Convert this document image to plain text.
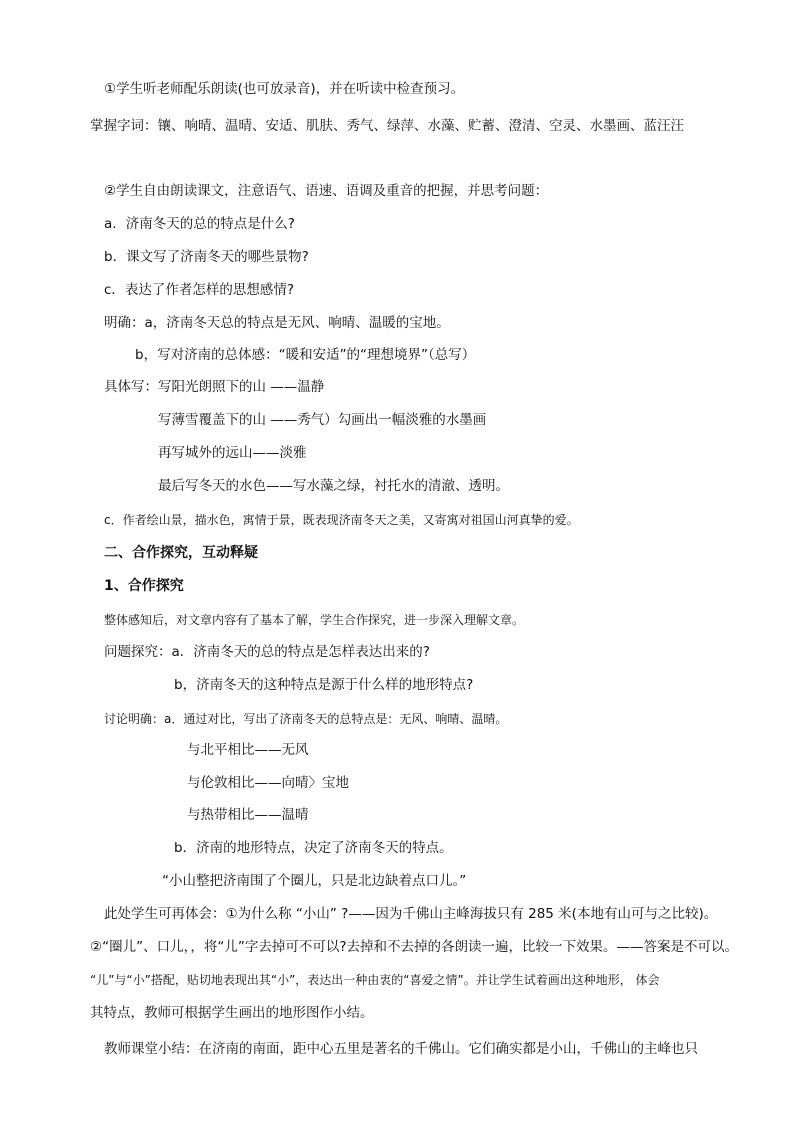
①学生听老师配乐朗读(也可放录音)，并在听读中检查预习。
掌握字词：镶、响晴、温晴、安适、肌肤、秀气、绿萍、水藻、贮蓄、澄清、空灵、水墨画、蓝汪汪
②学生自由朗读课文，注意语气、语速、语调及重音的把握，并思考问题：
a．济南冬天的总的特点是什么?
b．课文写了济南冬天的哪些景物?
c．表达了作者怎样的思想感情?
明确：a，济南冬天总的特点是无风、响晴、温暖的宝地。
b，写对济南的总体感：“暖和安适”的“理想境界”（总写）
具体写：写阳光朗照下的山 ——温静
写薄雪覆盖下的山 ——秀气）勾画出一幅淡雅的水墨画
再写城外的远山——淡雅
最后写冬天的水色——写水藻之绿，衬托水的清澈、透明。
c．作者绘山景，描水色，寓情于景，既表现济南冬天之美，又寄寓对祖国山河真挚的爱。
二、合作探究，互动释疑
1、合作探究
整体感知后，对文章内容有了基本了解，学生合作探究，进一步深入理解文章。
问题探究：a．济南冬天的总的特点是怎样表达出来的?
b，济南冬天的这种特点是源于什么样的地形特点?
讨论明确：a．通过对比，写出了济南冬天的总特点是：无风、响晴、温晴。
与北平相比——无风
与伦敦相比——向晴〉宝地
与热带相比——温晴
b．济南的地形特点，决定了济南冬天的特点。
“小山整把济南围了个圈儿，只是北边缺着点口儿。”
此处学生可再体会：①为什么称 “小山” ?——因为千佛山主峰海拔只有 285 米(本地有山可与之比较)。
②“圈儿”、口儿，，将“儿”字去掉可不可以?去掉和不去掉的各朗读一遍，比较一下效果。——答案是不可以。
“儿”与“小”搭配，贴切地表现出其“小”，表达出一种由衷的“喜爱之情”。并让学生试着画出这种地形， 体会
其特点，教师可根据学生画出的地形图作小结。
教师课堂小结：在济南的南面，距中心五里是著名的千佛山。它们确实都是小山，千佛山的主峰也只
